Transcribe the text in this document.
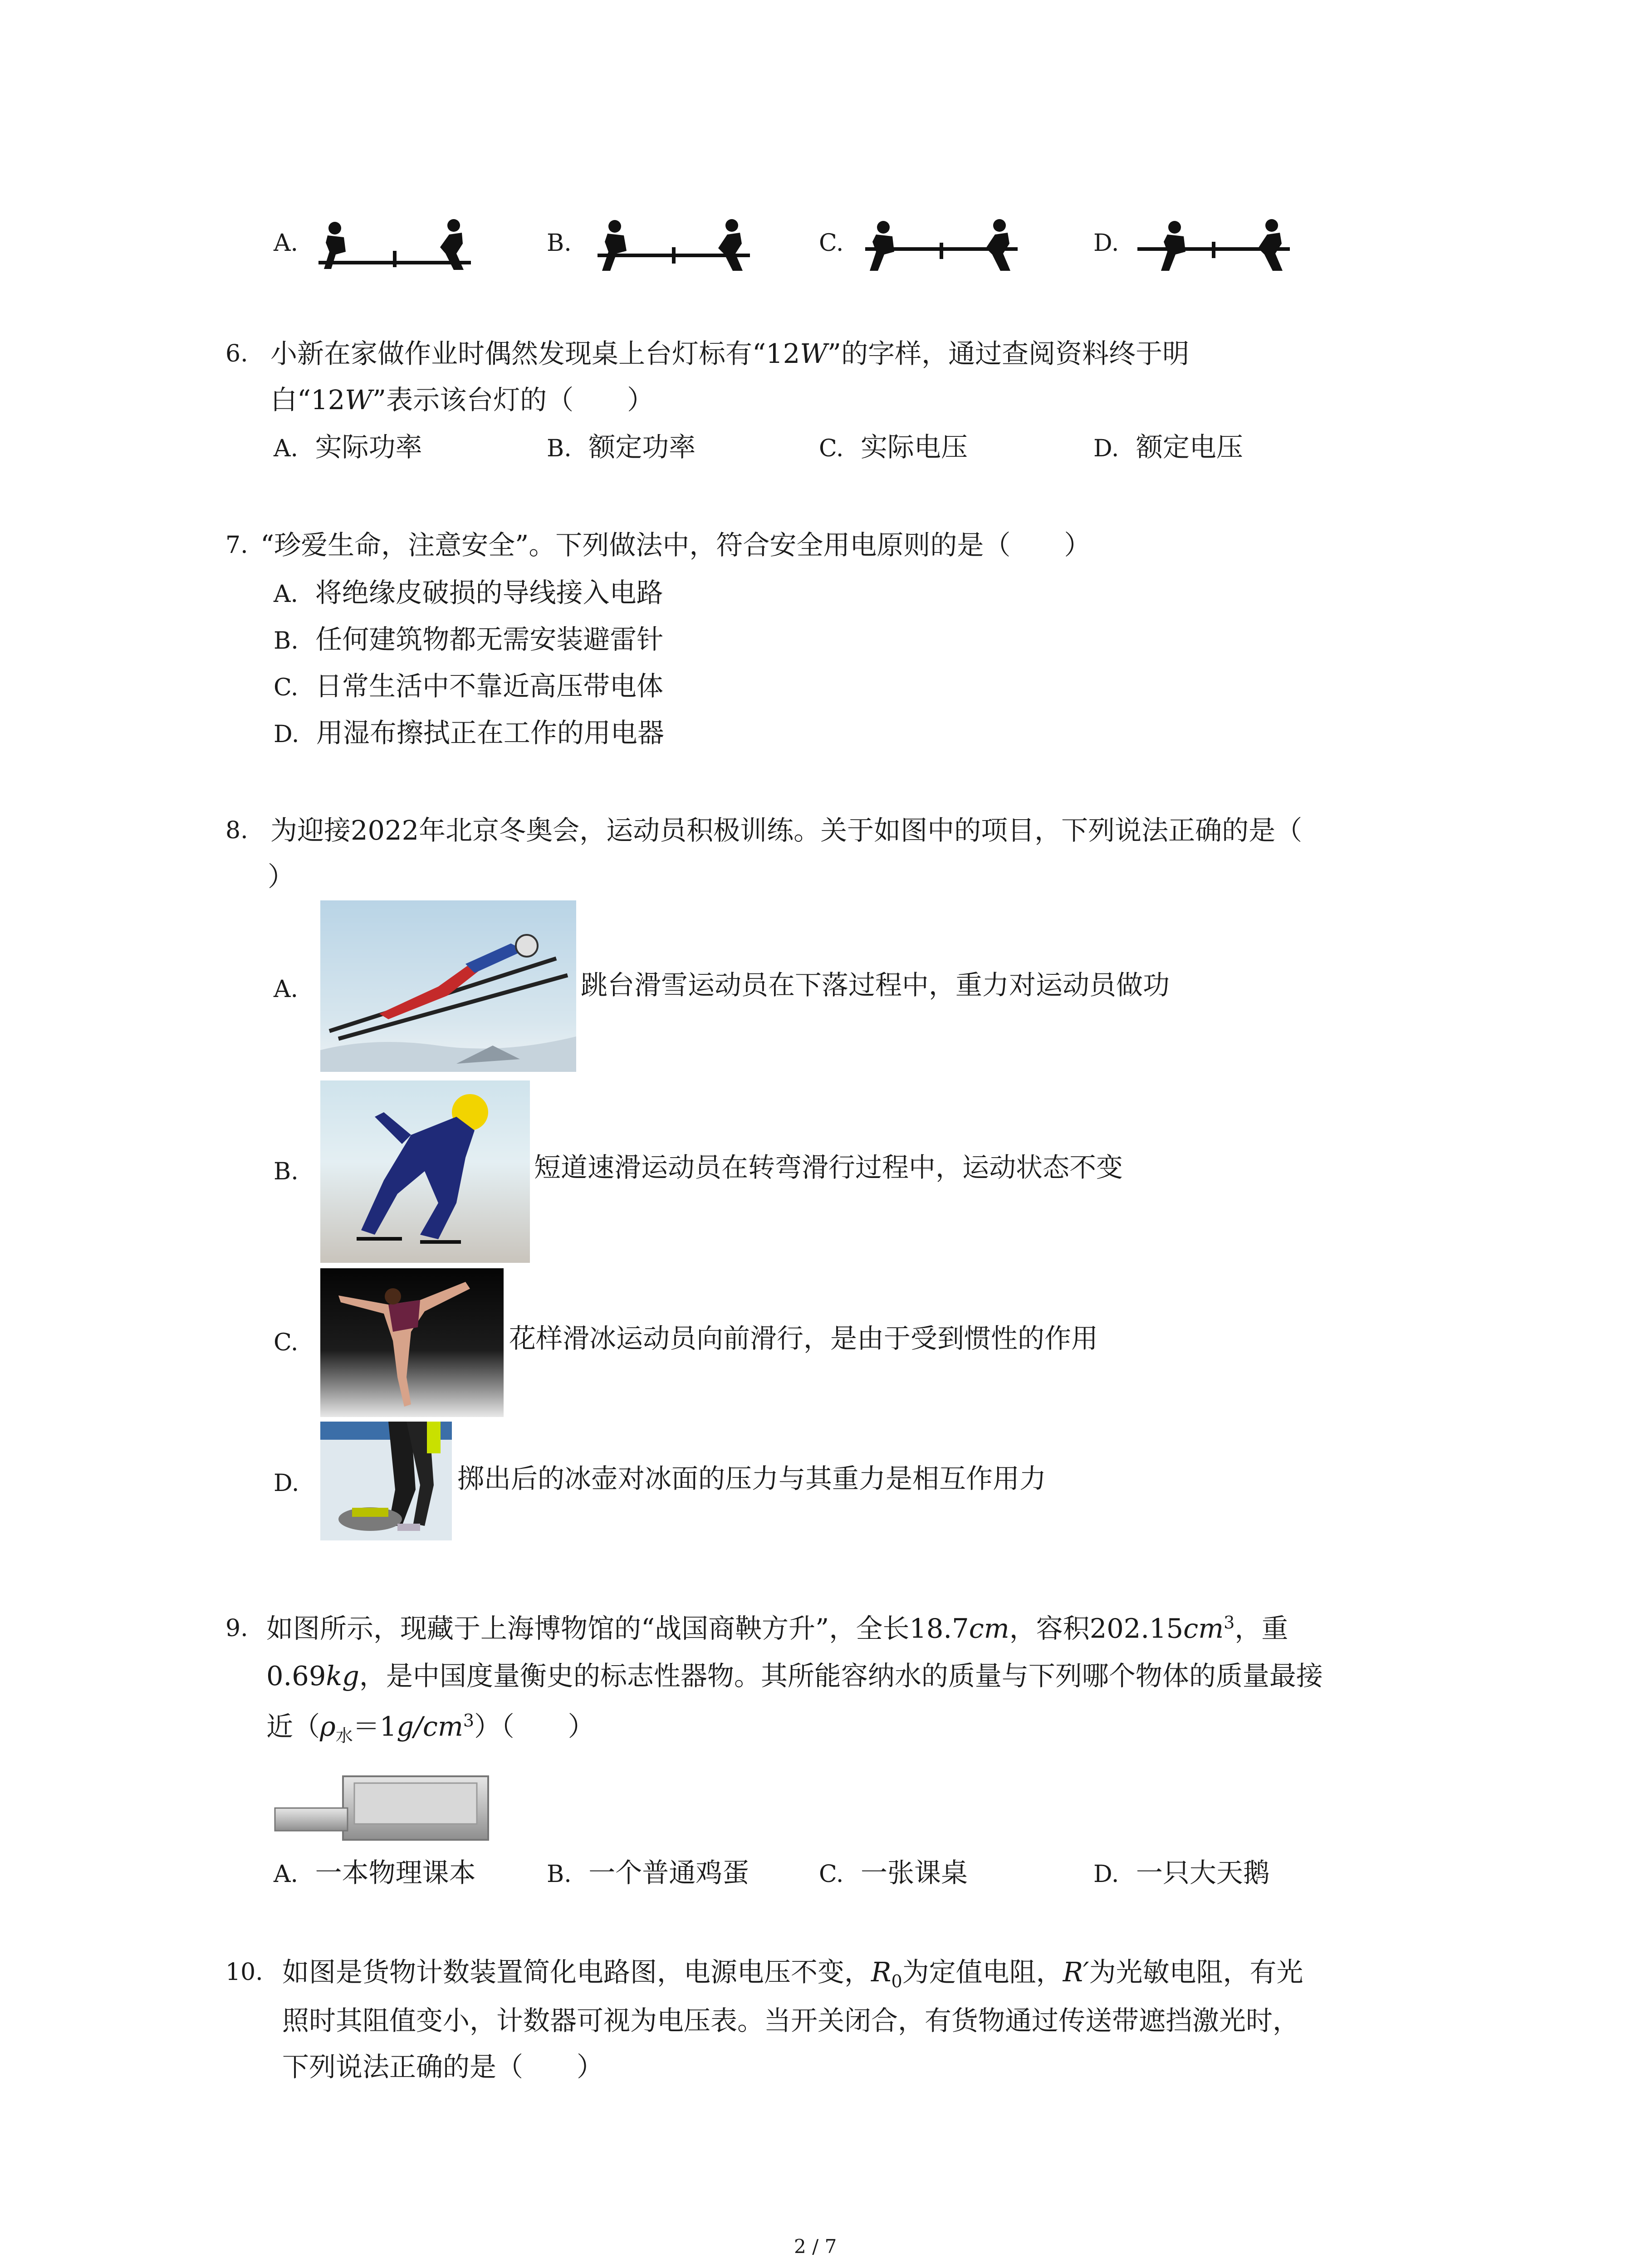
A.	B.	C.	D.
6. 小新在家做作业时偶然发现桌上台灯标有“12W”的字样，通过查阅资料终于明
白“12W”表示该台灯的（　　）
A. 实际功率	B. 额定功率	C. 实际电压	D. 额定电压
7. “珍爱生命，注意安全”。下列做法中，符合安全用电原则的是（　　）
A. 将绝缘皮破损的导线接入电路
B. 任何建筑物都无需安装避雷针
C. 日常生活中不靠近高压带电体
D. 用湿布擦拭正在工作的用电器
8. 为迎接2022年北京冬奥会，运动员积极训练。关于如图中的项目，下列说法正确的是（
）
A.	跳台滑雪运动员在下落过程中，重力对运动员做功
B.	短道速滑运动员在转弯滑行过程中，运动状态不变
C.	花样滑冰运动员向前滑行，是由于受到惯性的作用
D.	掷出后的冰壶对冰面的压力与其重力是相互作用力
9. 如图所示，现藏于上海博物馆的“战国商鞅方升”，全长18.7cm，容积$202.15cm^3$，重
0.69kg，是中国度量衡史的标志性器物。其所能容纳水的质量与下列哪个物体的质量最接
近$(\rho_水=1g/cm^3)$（　　）
A. 一本物理课本	B. 一个普通鸡蛋	C. 一张课桌	D. 一只大天鹅
10. 如图是货物计数装置简化电路图，电源电压不变，$R_0$为定值电阻，R′为光敏电阻，有光
照时其阻值变小，计数器可视为电压表。当开关闭合，有货物通过传送带遮挡激光时，
下列说法正确的是（　　）
2 / 7
